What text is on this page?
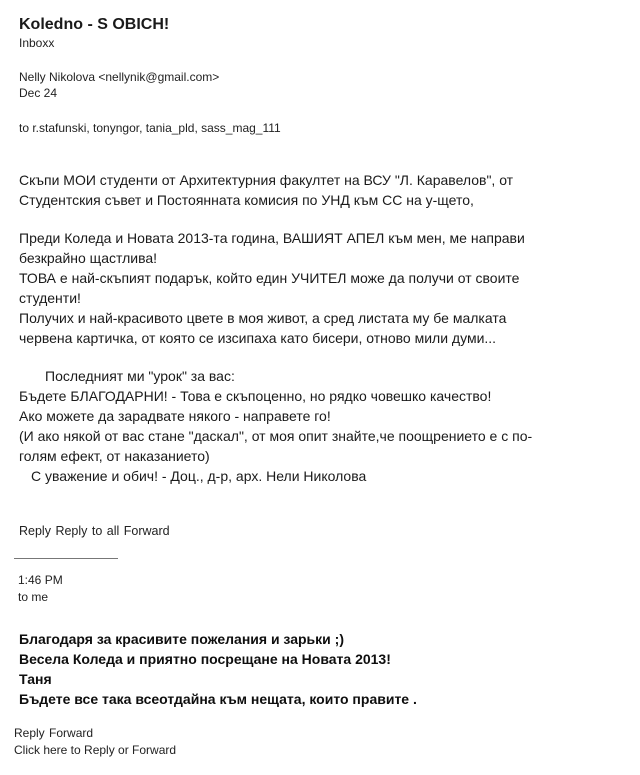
Koledno - S OBICH!
Inboxx
Nelly Nikolova <nellynik@gmail.com>
Dec 24
to r.stafunski, tonyngor, tania_pld, sass_mag_111
Скъпи МОИ студенти от Архитектурния факултет на ВСУ "Л. Каравелов", от
Студентския съвет и Постоянната комисия по УНД към СС на у-щето,
Преди Коледа и Новата 2013-та година, ВАШИЯТ АПЕЛ към мен, ме направи
безкрайно щастлива!
ТОВА е най-скъпият подарък, който един УЧИТЕЛ може да получи от своите
студенти!
Получих и най-красивото цвете в моя живот, а сред листата му бе малката
червена картичка, от която се изсипаха като бисери, отново мили думи...
Последният ми "урок" за вас:
Бъдете БЛАГОДАРНИ! - Това е скъпоценно, но рядко човешко качество!
Ако можете да зарадвате някого - направете го!
(И ако някой от вас стане "даскал", от моя опит знайте,че поощрението е с по-
голям ефект, от наказанието)
С уважение и обич! - Доц., д-р, арх. Нели Николова
Reply Reply to all Forward
1:46 PM
to me
Благодаря за красивите пожелания и зарьки ;)
Весела Коледа и приятно посрещане на Новата 2013!
Таня
Бъдете все така всеотдайна към нещата, които правите .
Reply Forward
Click here to Reply or Forward
